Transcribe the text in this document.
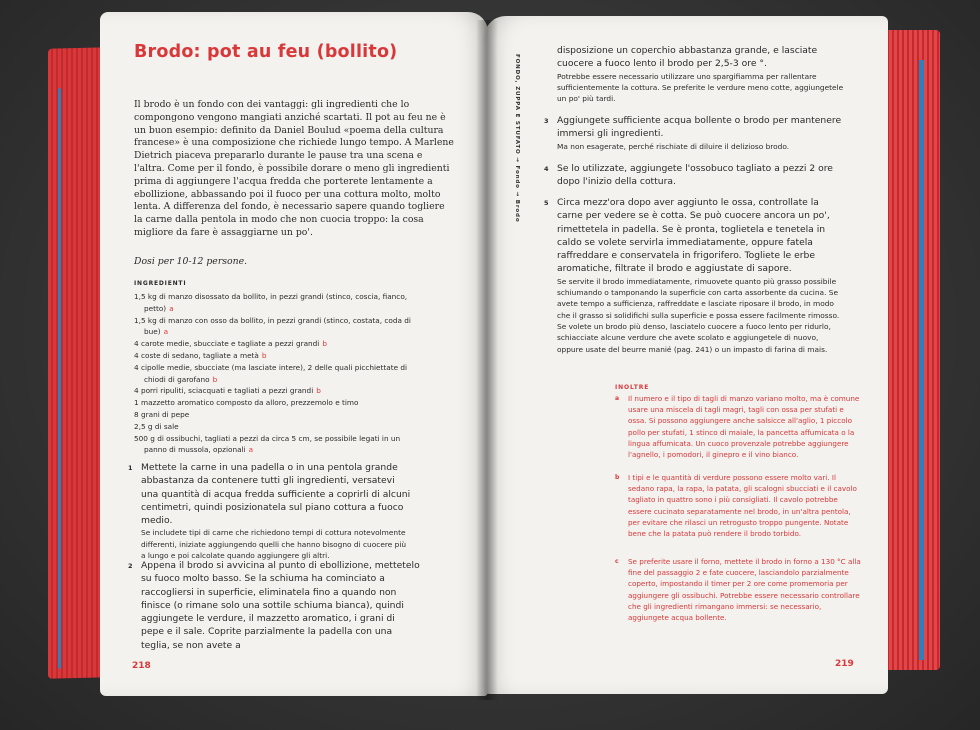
Brodo: pot au feu (bollito)
Il brodo è un fondo con dei vantaggi: gli ingredienti che lo compongono vengono mangiati anziché scartati. Il pot au feu ne è un buon esempio: definito da Daniel Boulud «poema della cultura francese» è una composizione che richiede lungo tempo. A Marlene Dietrich piaceva prepararlo durante le pause tra una scena e l'altra. Come per il fondo, è possibile dorare o meno gli ingredienti prima di aggiungere l'acqua fredda che porterete lentamente a ebollizione, abbassando poi il fuoco per una cottura molto, molto lenta. A differenza del fondo, è necessario sapere quando togliere la carne dalla pentola in modo che non cuocia troppo: la cosa migliore da fare è assaggiarne un po'.
Dosi per 10-12 persone.
INGREDIENTI
1,5 kg di manzo disossato da bollito, in pezzi grandi (stinco, coscia, fianco, petto) a
1,5 kg di manzo con osso da bollito, in pezzi grandi (stinco, costata, coda di bue) a
4 carote medie, sbucciate e tagliate a pezzi grandi b
4 coste di sedano, tagliate a metà b
4 cipolle medie, sbucciate (ma lasciate intere), 2 delle quali picchiettate di chiodi di garofano b
4 porri ripuliti, sciacquati e tagliati a pezzi grandi b
1 mazzetto aromatico composto da alloro, prezzemolo e timo
8 grani di pepe
2,5 g di sale
500 g di ossibuchi, tagliati a pezzi da circa 5 cm, se possibile legati in un panno di mussola, opzionali a
1 Mettete la carne in una padella o in una pentola grande abbastanza da contenere tutti gli ingredienti, versatevi una quantità di acqua fredda sufficiente a coprirli di alcuni centimetri, quindi posizionatela sul piano cottura a fuoco medio.
Se includete tipi di carne che richiedono tempi di cottura notevolmente differenti, iniziate aggiungendo quelli che hanno bisogno di cuocere più a lungo e poi calcolate quando aggiungere gli altri.
2 Appena il brodo si avvicina al punto di ebollizione, mettetelo su fuoco molto basso. Se la schiuma ha cominciato a raccogliersi in superficie, eliminatela fino a quando non finisce (o rimane solo una sottile schiuma bianca), quindi aggiungete le verdure, il mazzetto aromatico, i grani di pepe e il sale. Coprite parzialmente la padella con una teglia, se non avete a
218
FONDO, ZUPPA E STUFATO → Fondo → Brodo
disposizione un coperchio abbastanza grande, e lasciate cuocere a fuoco lento il brodo per 2,5-3 ore °.
Potrebbe essere necessario utilizzare uno spargifiamma per rallentare sufficientemente la cottura. Se preferite le verdure meno cotte, aggiungetele un po' più tardi.
3 Aggiungete sufficiente acqua bollente o brodo per mantenere immersi gli ingredienti.
Ma non esagerate, perché rischiate di diluire il delizioso brodo.
4 Se lo utilizzate, aggiungete l'ossobuco tagliato a pezzi 2 ore dopo l'inizio della cottura.
5 Circa mezz'ora dopo aver aggiunto le ossa, controllate la carne per vedere se è cotta. Se può cuocere ancora un po', rimettetela in padella. Se è pronta, toglietela e tenetela in caldo se volete servirla immediatamente, oppure fatela raffreddare e conservatela in frigorifero. Togliete le erbe aromatiche, filtrate il brodo e aggiustate di sapore.
Se servite il brodo immediatamente, rimuovete quanto più grasso possibile schiumando o tamponando la superficie con carta assorbente da cucina. Se avete tempo a sufficienza, raffreddate e lasciate riposare il brodo, in modo che il grasso si solidifichi sulla superficie e possa essere facilmente rimosso. Se volete un brodo più denso, lasciatelo cuocere a fuoco lento per ridurlo, schiacciate alcune verdure che avete scolato e aggiungetele di nuovo, oppure usate del beurre manié (pag. 241) o un impasto di farina di mais.
INOLTRE
a	Il numero e il tipo di tagli di manzo variano molto, ma è comune usare una miscela di tagli magri, tagli con ossa per stufati e ossa. Si possono aggiungere anche salsicce all'aglio, 1 piccolo pollo per stufati, 1 stinco di maiale, la pancetta affumicata o la lingua affumicata. Un cuoco provenzale potrebbe aggiungere l'agnello, i pomodori, il ginepro e il vino bianco.
b	I tipi e le quantità di verdure possono essere molto vari. Il sedano rapa, la rapa, la patata, gli scalogni sbucciati e il cavolo tagliato in quattro sono i più consigliati. Il cavolo potrebbe essere cucinato separatamente nel brodo, in un'altra pentola, per evitare che rilasci un retrogusto troppo pungente. Notate bene che la patata può rendere il brodo torbido.
c	Se preferite usare il forno, mettete il brodo in forno a 130 °C alla fine del passaggio 2 e fate cuocere, lasciandolo parzialmente coperto, impostando il timer per 2 ore come promemoria per aggiungere gli ossibuchi. Potrebbe essere necessario controllare che gli ingredienti rimangano immersi: se necessario, aggiungete acqua bollente.
219
